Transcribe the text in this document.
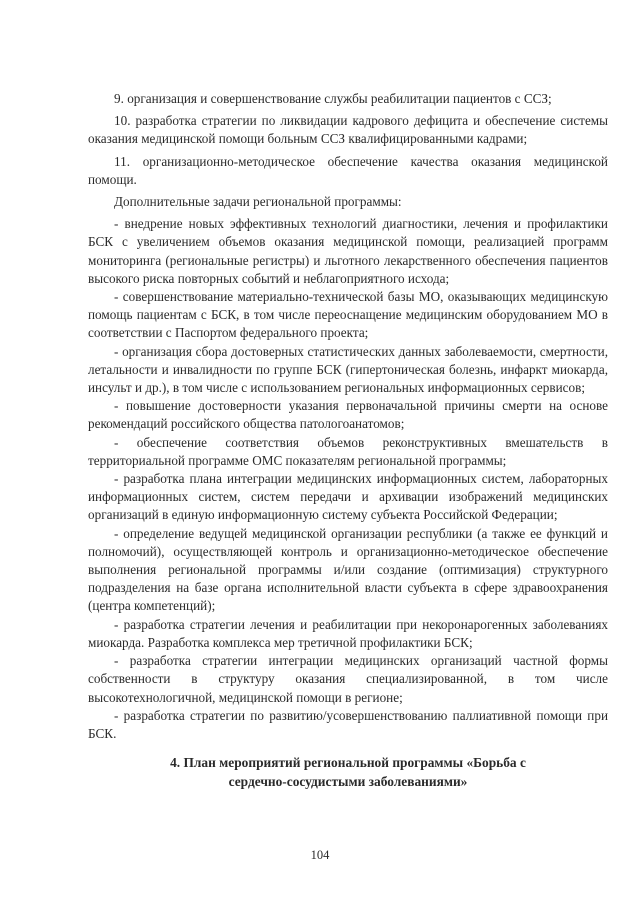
9. организация и совершенствование службы реабилитации пациентов с ССЗ;

10. разработка стратегии по ликвидации кадрового дефицита и обеспечение системы оказания медицинской помощи больным ССЗ квалифицированными кадрами;

11. организационно-методическое обеспечение качества оказания медицинской помощи.

Дополнительные задачи региональной программы:

- внедрение новых эффективных технологий диагностики, лечения и профилактики БСК с увеличением объемов оказания медицинской помощи, реализацией программ мониторинга (региональные регистры) и льготного лекарственного обеспечения пациентов высокого риска повторных событий и неблагоприятного исхода;

- совершенствование материально-технической базы МО, оказывающих медицинскую помощь пациентам с БСК, в том числе переоснащение медицинским оборудованием МО в соответствии с Паспортом федерального проекта;

- организация сбора достоверных статистических данных заболеваемости, смертности, летальности и инвалидности по группе БСК (гипертоническая болезнь, инфаркт миокарда, инсульт и др.), в том числе с использованием региональных информационных сервисов;

- повышение достоверности указания первоначальной причины смерти на основе рекомендаций российского общества патологоанатомов;

- обеспечение соответствия объемов реконструктивных вмешательств в территориальной программе ОМС показателям региональной программы;

- разработка плана интеграции медицинских информационных систем, лабораторных информационных систем, систем передачи и архивации изображений медицинских организаций в единую информационную систему субъекта Российской Федерации;

- определение ведущей медицинской организации республики (а также ее функций и полномочий), осуществляющей контроль и организационно-методическое обеспечение выполнения региональной программы и/или создание (оптимизация) структурного подразделения на базе органа исполнительной власти субъекта в сфере здравоохранения (центра компетенций);

- разработка стратегии лечения и реабилитации при некоронарогенных заболеваниях миокарда. Разработка комплекса мер третичной профилактики БСК;

- разработка стратегии интеграции медицинских организаций частной формы собственности в структуру оказания специализированной, в том числе высокотехнологичной, медицинской помощи в регионе;

- разработка стратегии по развитию/усовершенствованию паллиативной помощи при БСК.

4. План мероприятий региональной программы «Борьба с
сердечно-сосудистыми заболеваниями»
104
